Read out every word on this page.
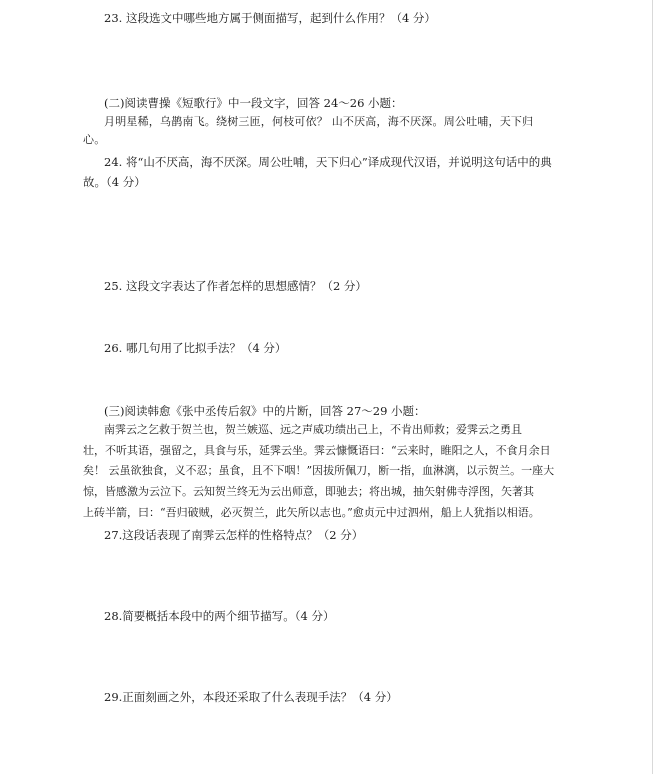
23. 这段选文中哪些地方属于侧面描写，起到什么作用？（4 分）
(二)阅读曹操《短歌行》中一段文字，回答 24～26 小题：
月明星稀，乌鹊南飞。绕树三匝，何枝可依？ 山不厌高，海不厌深。周公吐哺，天下归
心。
24. 将“山不厌高，海不厌深。周公吐哺，天下归心”译成现代汉语，并说明这句话中的典
故。（4 分）
25. 这段文字表达了作者怎样的思想感情？（2 分）
26. 哪几句用了比拟手法？（4 分）
(三)阅读韩愈《张中丞传后叙》中的片断，回答 27～29 小题：
南霁云之乞救于贺兰也，贺兰嫉巡、远之声威功绩出己上，不肯出师救；爱霁云之勇且
壮，不听其语，强留之，具食与乐，延霁云坐。霁云慷慨语曰：“云来时，睢阳之人，不食月余日
矣！ 云虽欲独食，义不忍；虽食，且不下咽！”因拔所佩刀，断一指，血淋漓，以示贺兰。一座大
惊，皆感激为云泣下。云知贺兰终无为云出师意，即驰去；将出城，抽矢射佛寺浮图，矢著其
上砖半箭，曰：“吾归破贼，必灭贺兰，此矢所以志也。”愈贞元中过泗州，船上人犹指以相语。
27.这段话表现了南霁云怎样的性格特点？（2 分）
28.简要概括本段中的两个细节描写。（4 分）
29.正面刻画之外，本段还采取了什么表现手法？（4 分）
